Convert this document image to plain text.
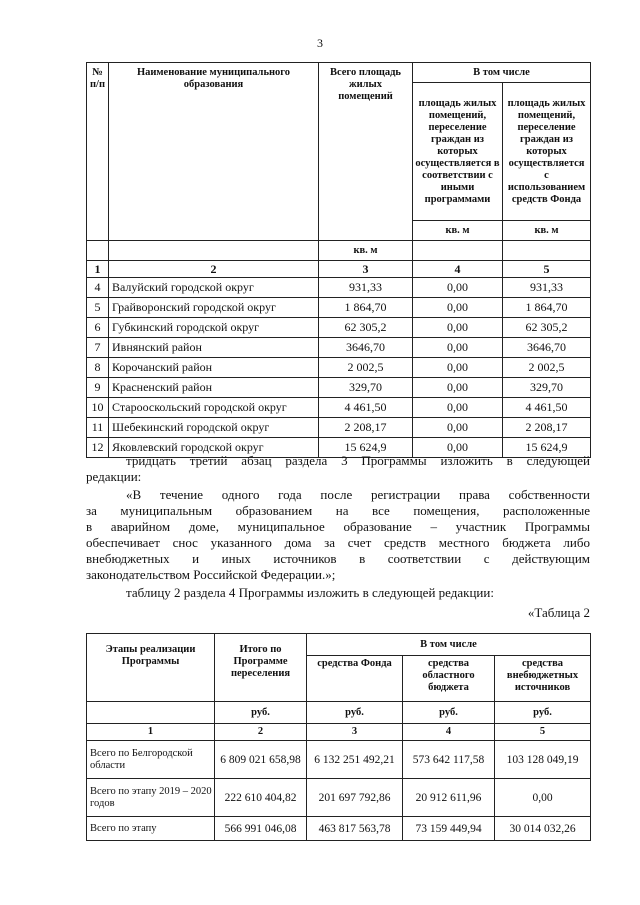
3
№ п/п	Наименование муниципального образования	Всего площадь жилых помещений	В том числе	
			площадь жилых помещений, переселение граждан из которых осуществляется в соответствии с иными программами	площадь жилых помещений, переселение граждан из которых осуществляется с использованием средств Фонда
			кв. м	кв. м
		кв. м		
1	2	3	4	5
4	Валуйский городской округ	931,33	0,00	931,33
5	Грайворонский городской округ	1 864,70	0,00	1 864,70
6	Губкинский городской округ	62 305,2	0,00	62 305,2
7	Ивнянский район	3646,70	0,00	3646,70
8	Корочанский район	2 002,5	0,00	2 002,5
9	Красненский район	329,70	0,00	329,70
10	Старооскольский городской округ	4 461,50	0,00	4 461,50
11	Шебекинский городской округ	2 208,17	0,00	2 208,17
12	Яковлевский городской округ	15 624,9	0,00	15 624,9
тридцать третий абзац раздела 3 Программы изложить в следующей
редакции:
«В течение одного года после регистрации права собственности
за муниципальным образованием на все помещения, расположенные
в аварийном доме, муниципальное образование – участник Программы
обеспечивает снос указанного дома за счет средств местного бюджета либо
внебюджетных и иных источников в соответствии с действующим
законодательством Российской Федерации.»;
таблицу 2 раздела 4 Программы изложить в следующей редакции:
«Таблица 2
Этапы реализации Программы	Итого по Программе переселения	В том числе		
		средства Фонда	средства областного бюджета	средства внебюджетных источников
	руб.	руб.	руб.	руб.
1	2	3	4	5
Всего по Белгородской области	6 809 021 658,98	6 132 251 492,21	573 642 117,58	103 128 049,19
Всего по этапу 2019 – 2020 годов	222 610 404,82	201 697 792,86	20 912 611,96	0,00
Всего по этапу	566 991 046,08	463 817 563,78	73 159 449,94	30 014 032,26
